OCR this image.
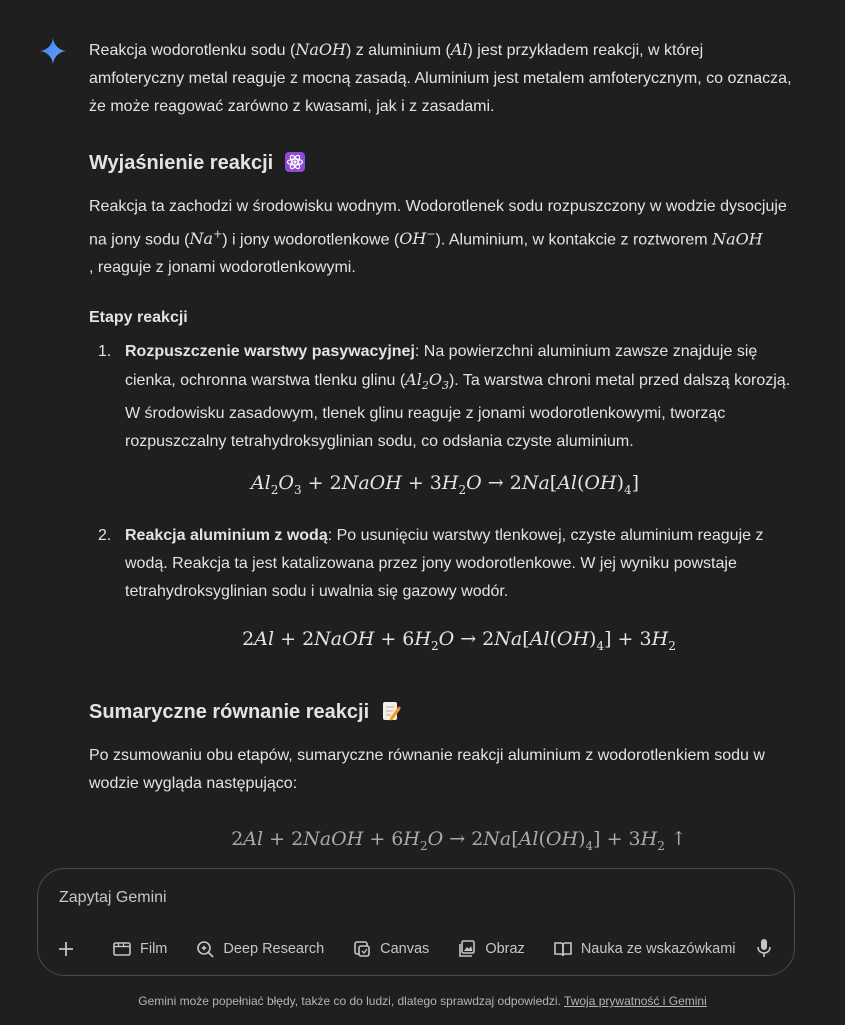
Reakcja wodorotlenku sodu (NaOH) z aluminium (Al) jest przykładem reakcji, w której amfoteryczny metal reaguje z mocną zasadą. Aluminium jest metalem amfoterycznym, co oznacza, że może reagować zarówno z kwasami, jak i z zasadami.

Wyjaśnienie reakcji

Reakcja ta zachodzi w środowisku wodnym. Wodorotlenek sodu rozpuszczony w wodzie dysocjuje na jony sodu (Na+) i jony wodorotlenkowe (OH−). Aluminium, w kontakcie z roztworem NaOH
, reaguje z jonami wodorotlenkowymi.

Etapy reakcji
1. Rozpuszczenie warstwy pasywacyjnej: Na powierzchni aluminium zawsze znajduje się cienka, ochronna warstwa tlenku glinu $(Al_2O_3)$. Ta warstwa chroni metal przed dalszą korozją. W środowisku zasadowym, tlenek glinu reaguje z jonami wodorotlenkowymi, tworząc rozpuszczalny tetrahydroksyglinian sodu, co odsłania czyste aluminium.

$Al_2O_3$ + 2NaOH + $3H_2O \to 2Na[Al(OH)_4]$
2. Reakcja aluminium z wodą: Po usunięciu warstwy tlenkowej, czyste aluminium reaguje z wodą. Reakcja ta jest katalizowana przez jony wodorotlenkowe. W jej wyniku powstaje tetrahydroksyglinian sodu i uwalnia się gazowy wodór.

2Al + 2NaOH + $6H_2O \to 2Na[Al(OH)_4] + 3H_2$
Sumaryczne równanie reakcji

Po zsumowaniu obu etapów, sumaryczne równanie reakcji aluminium z wodorotlenkiem sodu w wodzie wygląda następująco:

2Al + 2NaOH + $6H_2O \to 2Na[Al(OH)_4] + 3H_2$ ↑
Zapytaj Gemini
Film	Deep Research	Canvas	Obraz	Nauka ze wskazówkami
Gemini może popełniać błędy, także co do ludzi, dlatego sprawdzaj odpowiedzi. Twoja prywatność i Gemini
